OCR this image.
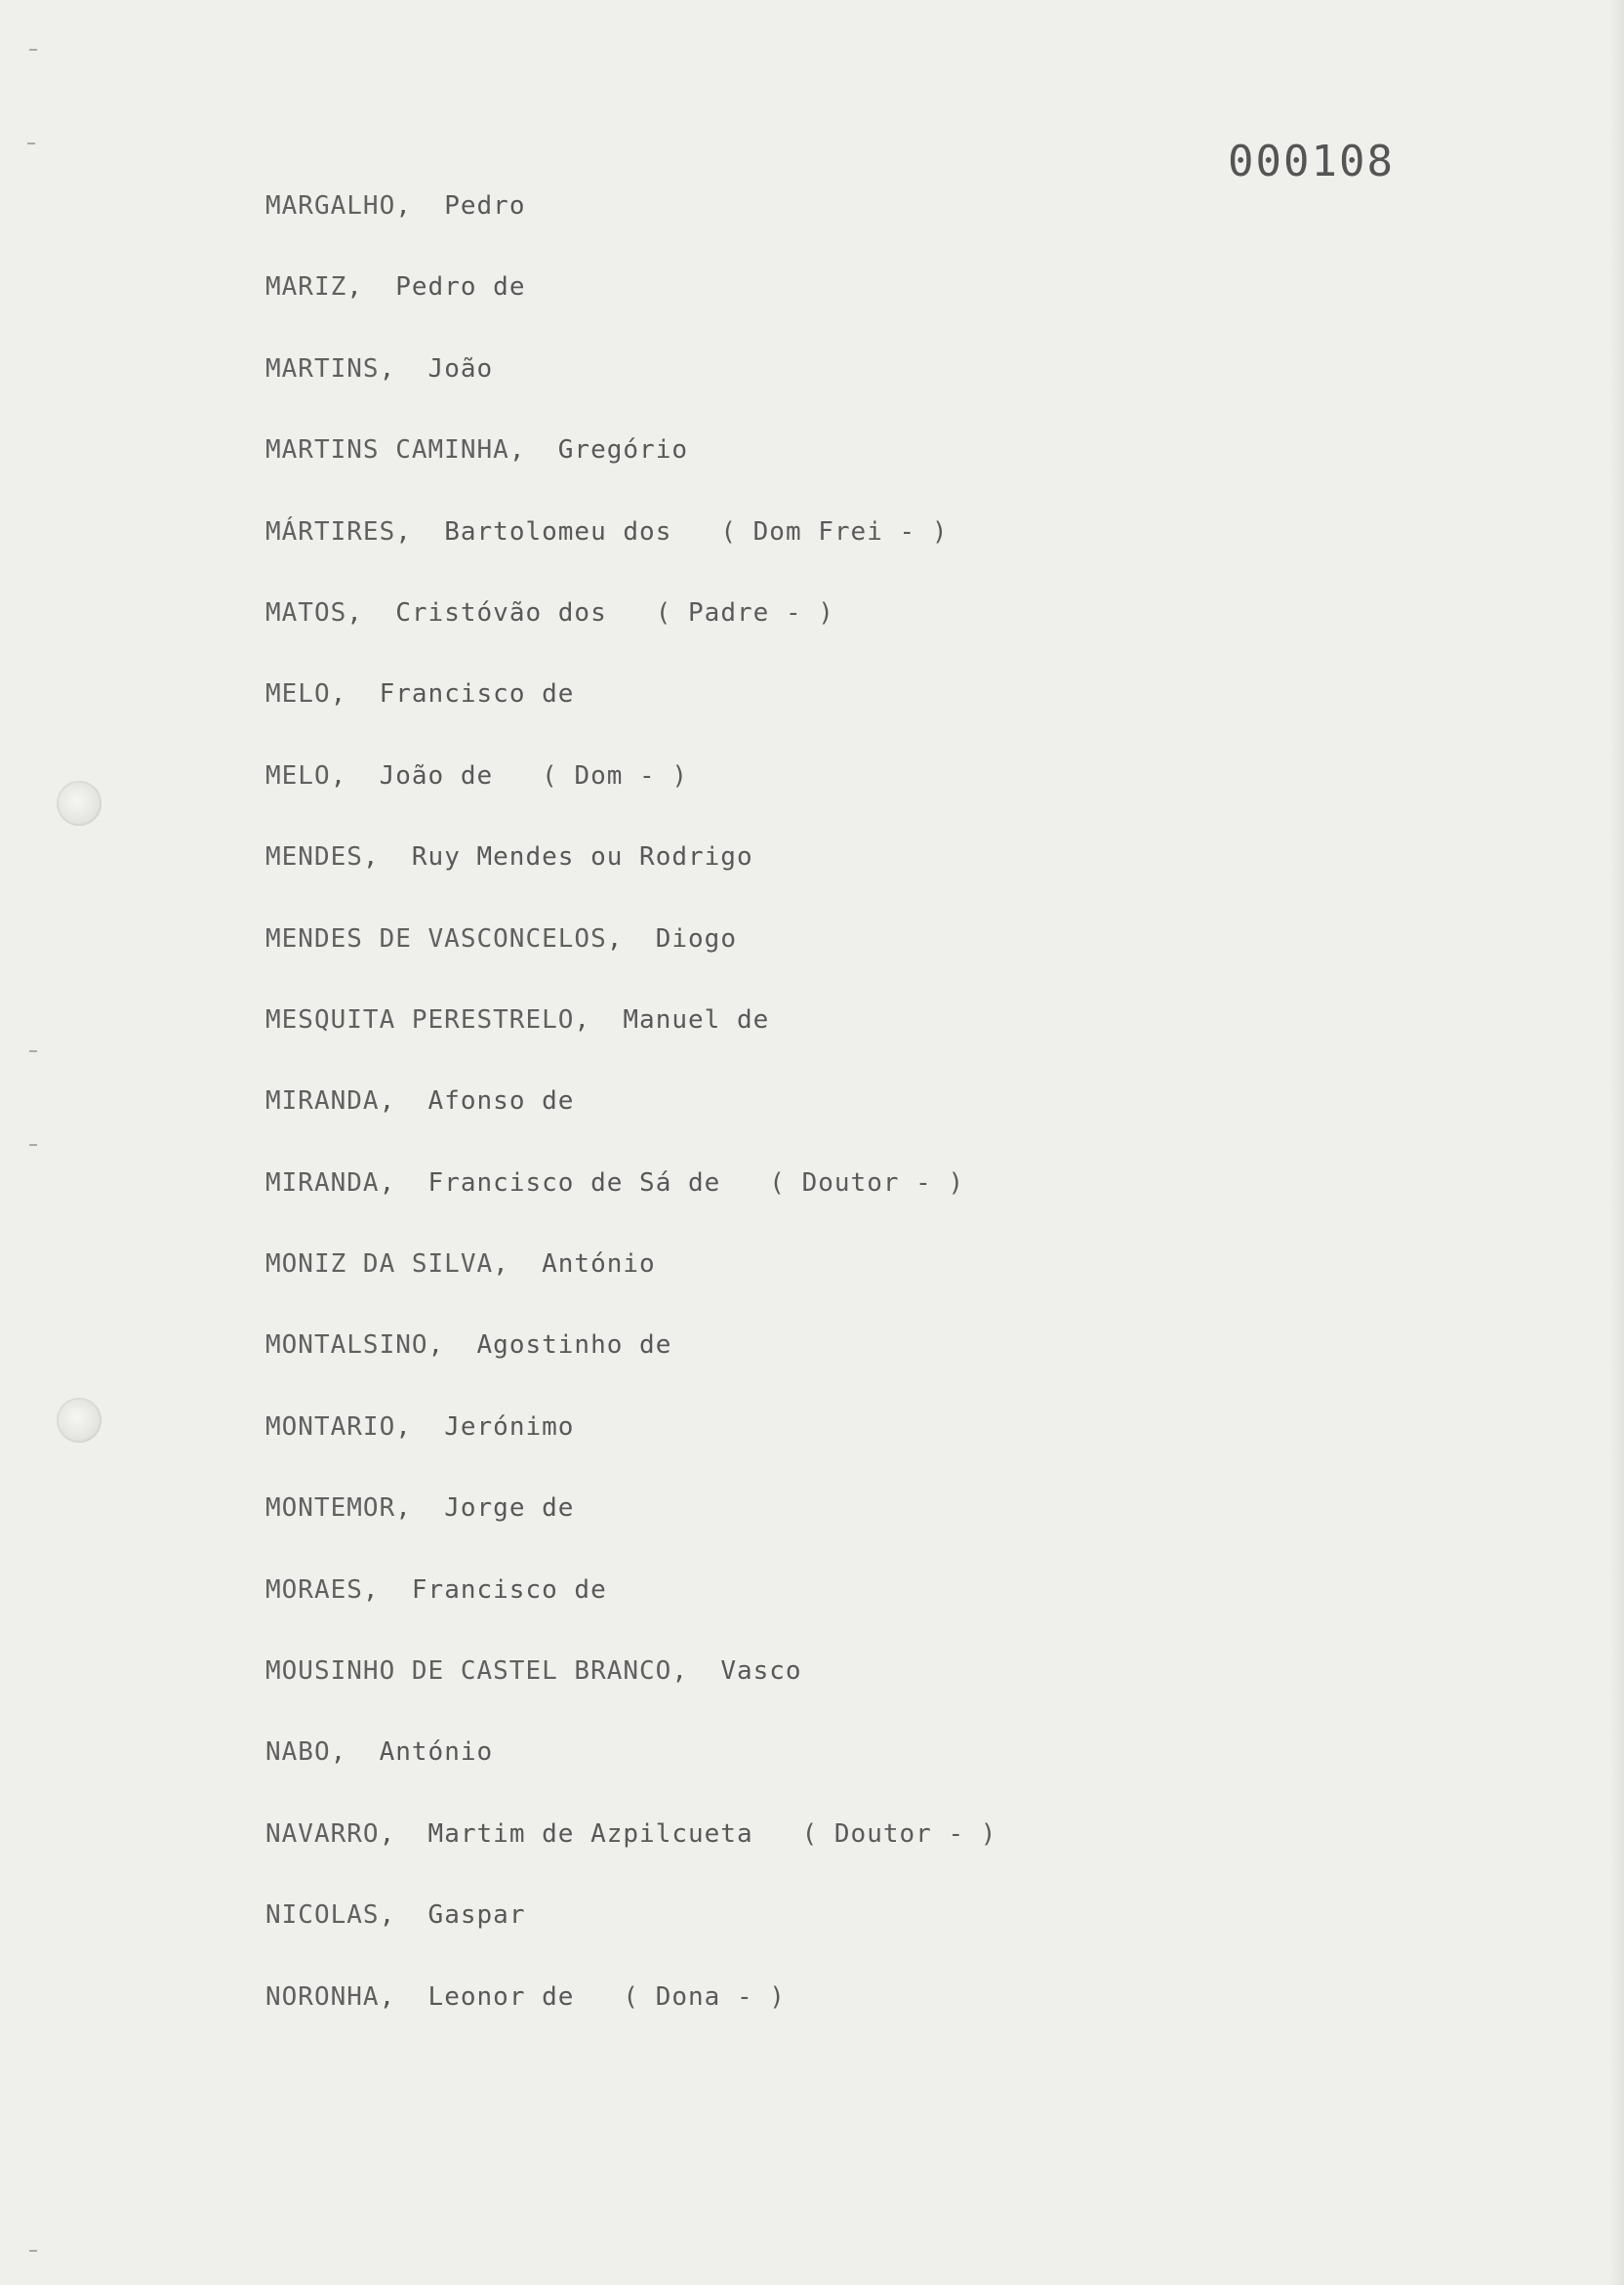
000108
MARGALHO,  Pedro
MARIZ,  Pedro de
MARTINS,  João
MARTINS CAMINHA,  Gregório
MÁRTIRES,  Bartolomeu dos ( Dom Frei - )
MATOS,  Cristóvão dos ( Padre - )
MELO,  Francisco de
MELO,  João de ( Dom - )
MENDES,  Ruy Mendes ou Rodrigo
MENDES DE VASCONCELOS,  Diogo
MESQUITA PERESTRELO,  Manuel de
MIRANDA,  Afonso de
MIRANDA,  Francisco de Sá de ( Doutor - )
MONIZ DA SILVA,  António
MONTALSINO,  Agostinho de
MONTARIO,  Jerónimo
MONTEMOR,  Jorge de
MORAES,  Francisco de
MOUSINHO DE CASTEL BRANCO,  Vasco
NABO,  António
NAVARRO,  Martim de Azpilcueta ( Doutor - )
NICOLAS,  Gaspar
NORONHA,  Leonor de ( Dona - )
